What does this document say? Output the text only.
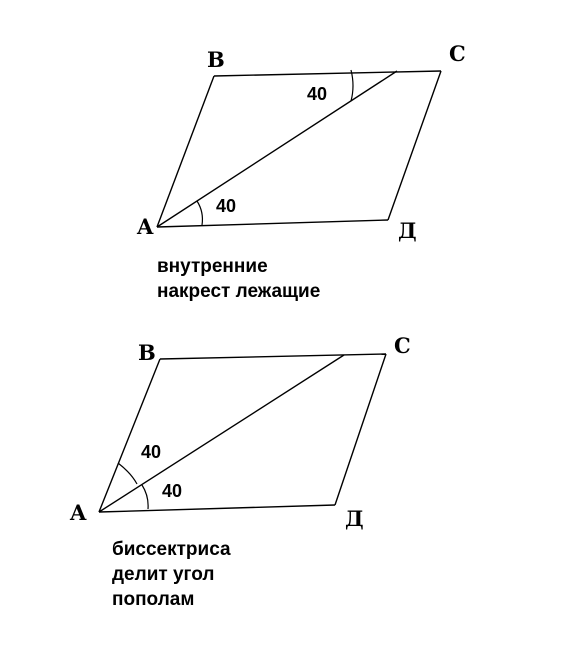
B	C
A	Д
40
40
внутренние
накрест лежащие
B	C
A	Д
40
40
биссектриса
делит угол
пополам
